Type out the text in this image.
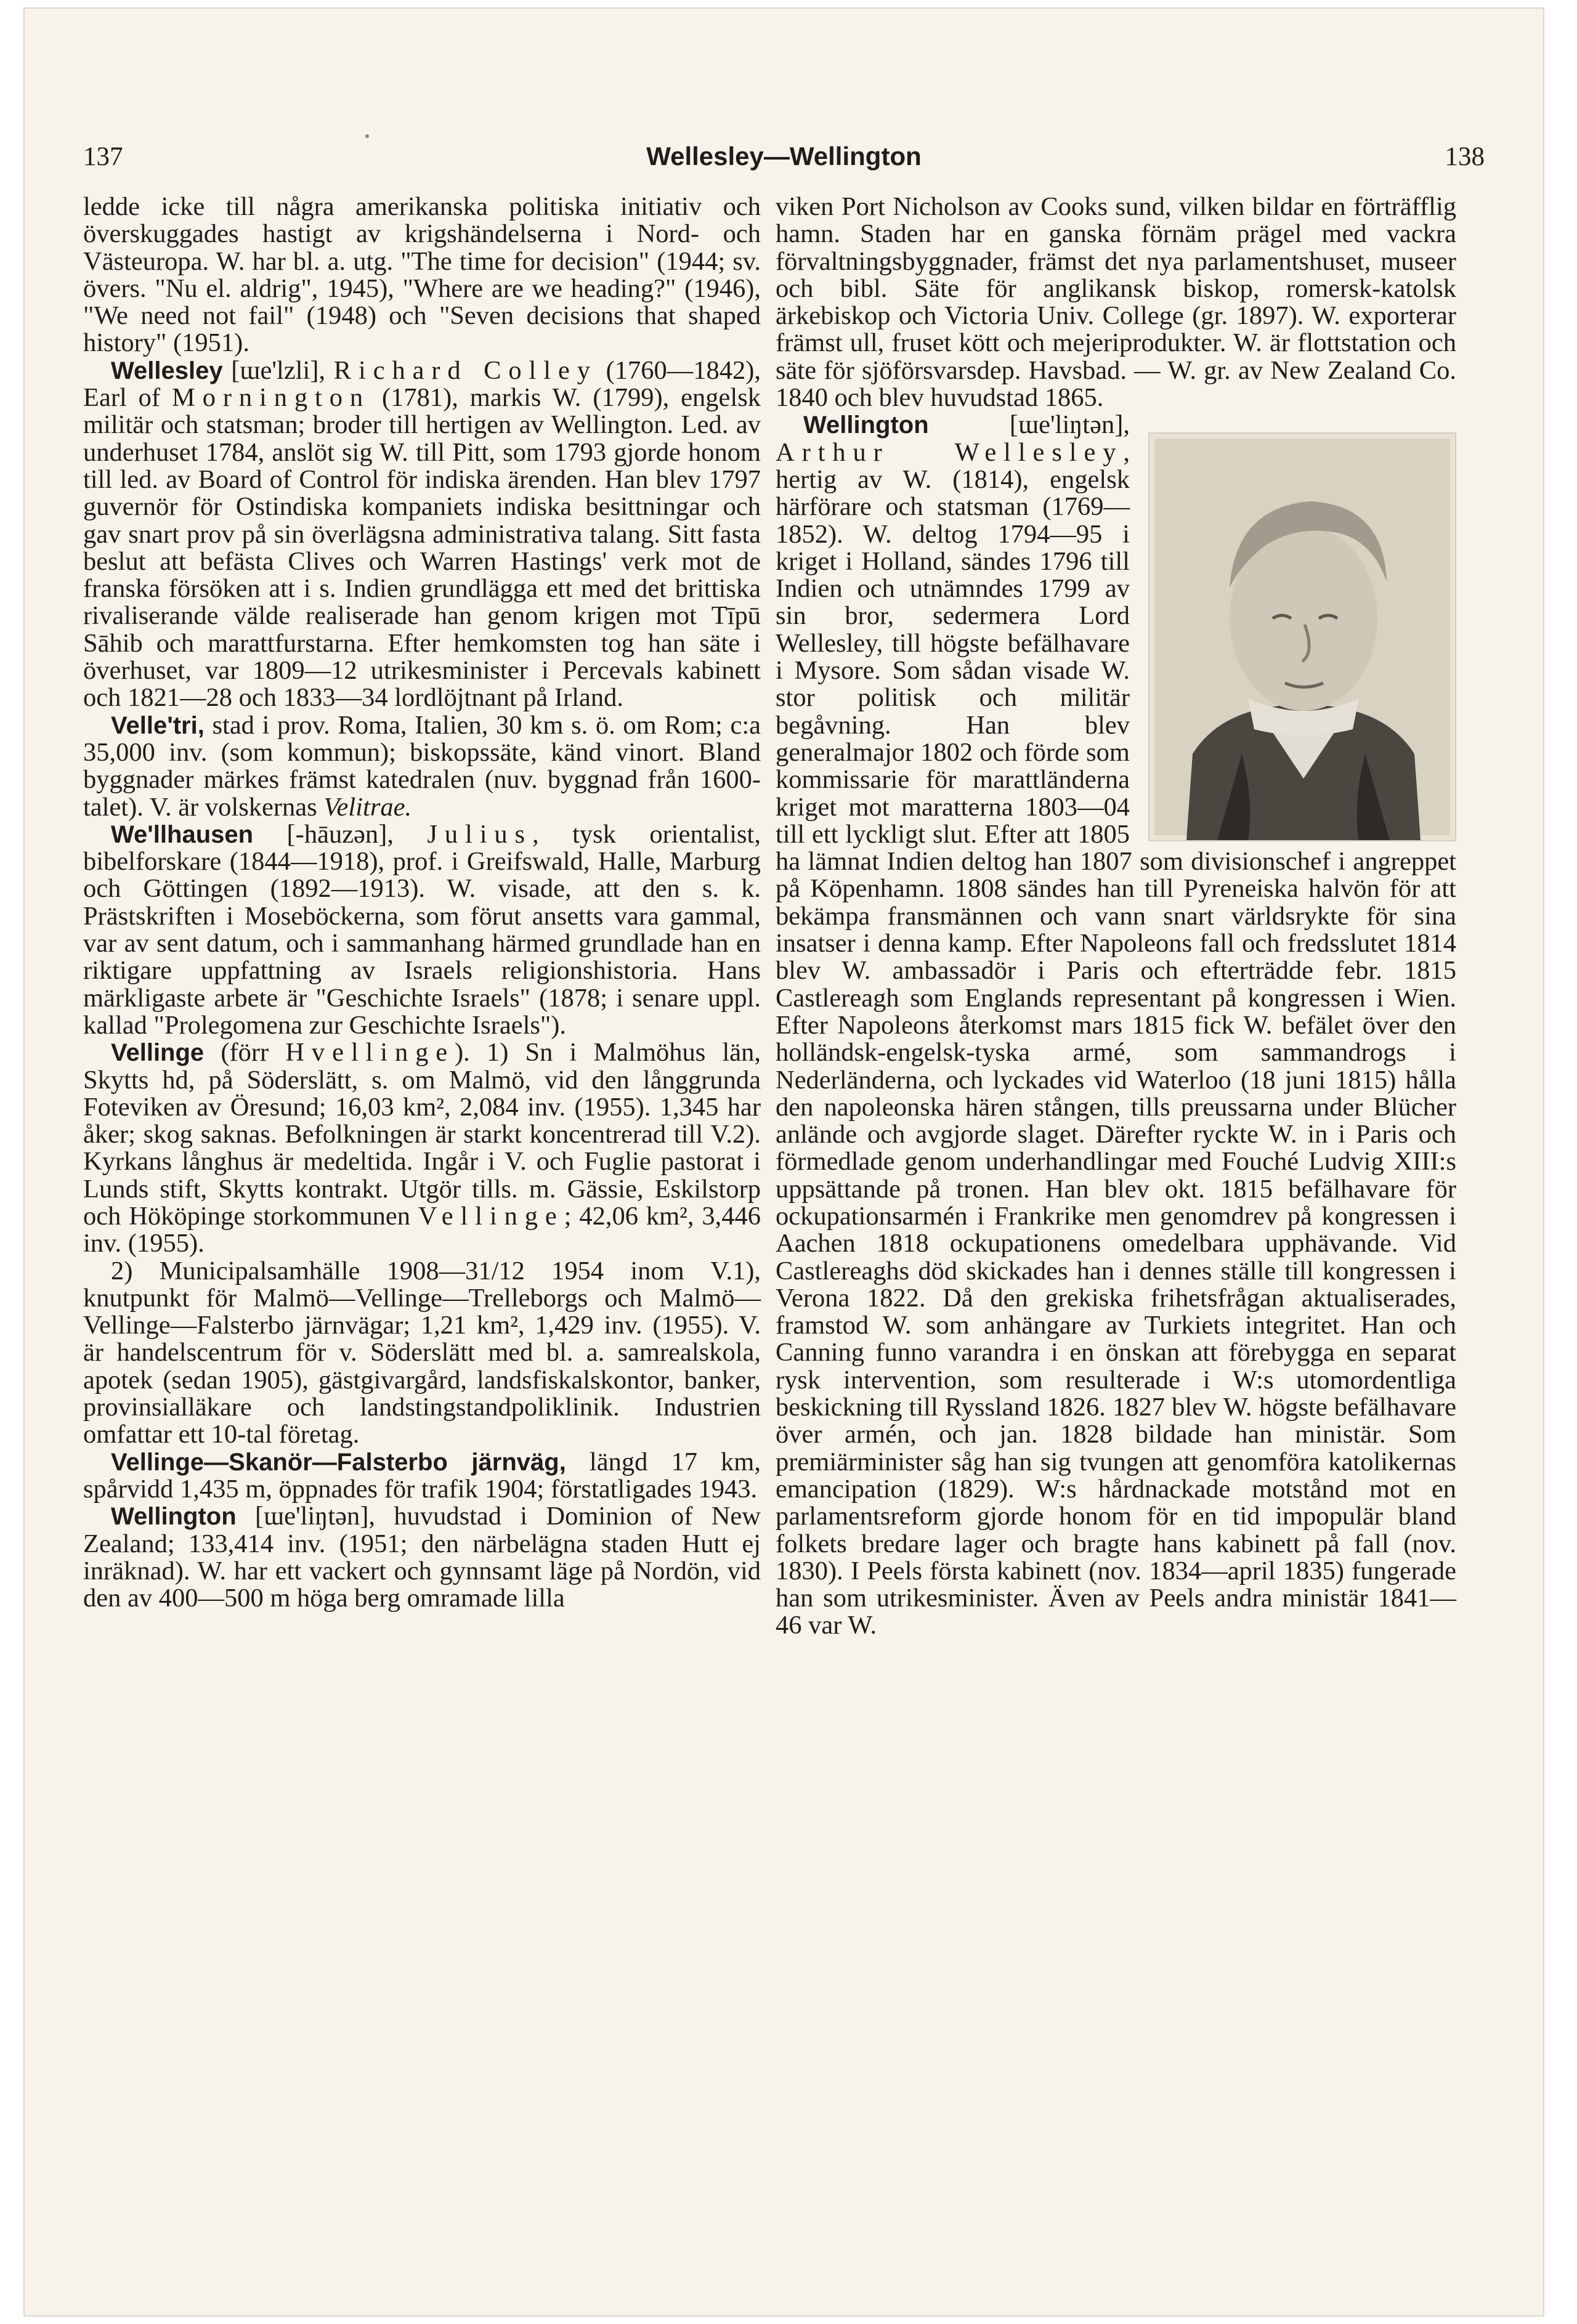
137	Wellesley—Wellington	138

ledde icke till några amerikanska politiska initiativ och överskuggades hastigt av krigshändelserna i Nord- och Västeuropa. W. har bl. a. utg. "The time for decision" (1944; sv. övers. "Nu el. aldrig", 1945), "Where are we heading?" (1946), "We need not fail" (1948) och "Seven decisions that shaped history" (1951).

Wellesley [ɯe'lzli], Richard Colley (1760—1842), Earl of Mornington (1781), markis W. (1799), engelsk militär och statsman; broder till hertigen av Wellington. Led. av underhuset 1784, anslöt sig W. till Pitt, som 1793 gjorde honom till led. av Board of Control för indiska ärenden. Han blev 1797 guvernör för Ostindiska kompaniets indiska besittningar och gav snart prov på sin överlägsna administrativa talang. Sitt fasta beslut att befästa Clives och Warren Hastings' verk mot de franska försöken att i s. Indien grundlägga ett med det brittiska rivaliserande välde realiserade han genom krigen mot Tīpū Sāhib och marattfurstarna. Efter hemkomsten tog han säte i överhuset, var 1809—12 utrikesminister i Percevals kabinett och 1821—28 och 1833—34 lordlöjtnant på Irland.

Velle'tri, stad i prov. Roma, Italien, 30 km s. ö. om Rom; c:a 35,000 inv. (som kommun); biskopssäte, känd vinort. Bland byggnader märkes främst katedralen (nuv. byggnad från 1600-talet). V. är volskernas Velitrae.

We'llhausen [-hāuzən], Julius, tysk orientalist, bibelforskare (1844—1918), prof. i Greifswald, Halle, Marburg och Göttingen (1892—1913). W. visade, att den s. k. Prästskriften i Moseböckerna, som förut ansetts vara gammal, var av sent datum, och i sammanhang härmed grundlade han en riktigare uppfattning av Israels religionshistoria. Hans märkligaste arbete är "Geschichte Israels" (1878; i senare uppl. kallad "Prolegomena zur Geschichte Israels").

Vellinge (förr Hvellinge). 1) Sn i Malmöhus län, Skytts hd, på Söderslätt, s. om Malmö, vid den långgrunda Foteviken av Öresund; 16,03 km², 2,084 inv. (1955). 1,345 har åker; skog saknas. Befolkningen är starkt koncentrerad till V.2). Kyrkans långhus är medeltida. Ingår i V. och Fuglie pastorat i Lunds stift, Skytts kontrakt. Utgör tills. m. Gässie, Eskilstorp och Hököpinge storkommunen Vellinge; 42,06 km², 3,446 inv. (1955).

2) Municipalsamhälle 1908—31/12 1954 inom V.1), knutpunkt för Malmö—Vellinge—Trelleborgs och Malmö—Vellinge—Falsterbo järnvägar; 1,21 km², 1,429 inv. (1955). V. är handelscentrum för v. Söderslätt med bl. a. samrealskola, apotek (sedan 1905), gästgivargård, landsfiskalskontor, banker, provinsialläkare och landstingstandpoliklinik. Industrien omfattar ett 10-tal företag.

Vellinge—Skanör—Falsterbo järnväg, längd 17 km, spårvidd 1,435 m, öppnades för trafik 1904; förstatligades 1943.

Wellington [ɯe'liŋtən], huvudstad i Dominion of New Zealand; 133,414 inv. (1951; den närbelägna staden Hutt ej inräknad). W. har ett vackert och gynnsamt läge på Nordön, vid den av 400—500 m höga berg omramade lilla

viken Port Nicholson av Cooks sund, vilken bildar en förträfflig hamn. Staden har en ganska förnäm prägel med vackra förvaltningsbyggnader, främst det nya parlamentshuset, museer och bibl. Säte för anglikansk biskop, romersk-katolsk ärkebiskop och Victoria Univ. College (gr. 1897). W. exporterar främst ull, fruset kött och mejeriprodukter. W. är flottstation och säte för sjöförsvarsdep. Havsbad. — W. gr. av New Zealand Co. 1840 och blev huvudstad 1865.

Wellington [ɯe'liŋtən], Arthur Wellesley, hertig av W. (1814), engelsk härförare och statsman (1769—1852). W. deltog 1794—95 i kriget i Holland, sändes 1796 till Indien och utnämndes 1799 av sin bror, sedermera Lord Wellesley, till högste befälhavare i Mysore. Som sådan visade W. stor politisk och militär begåvning. Han blev generalmajor 1802 och förde som kommissarie för marattländerna kriget mot maratterna 1803—04 till ett lyckligt slut. Efter att 1805 ha lämnat Indien deltog han 1807 som divisionschef i angreppet på Köpenhamn. 1808 sändes han till Pyreneiska halvön för att bekämpa fransmännen och vann snart världsrykte för sina insatser i denna kamp. Efter Napoleons fall och fredsslutet 1814 blev W. ambassadör i Paris och efterträdde febr. 1815 Castlereagh som Englands representant på kongressen i Wien. Efter Napoleons återkomst mars 1815 fick W. befälet över den holländsk-engelsk-tyska armé, som sammandrogs i Nederländerna, och lyckades vid Waterloo (18 juni 1815) hålla den napoleonska hären stången, tills preussarna under Blücher anlände och avgjorde slaget. Därefter ryckte W. in i Paris och förmedlade genom underhandlingar med Fouché Ludvig XIII:s uppsättande på tronen. Han blev okt. 1815 befälhavare för ockupationsarmén i Frankrike men genomdrev på kongressen i Aachen 1818 ockupationens omedelbara upphävande. Vid Castlereaghs död skickades han i dennes ställe till kongressen i Verona 1822. Då den grekiska frihetsfrågan aktualiserades, framstod W. som anhängare av Turkiets integritet. Han och Canning funno varandra i en önskan att förebygga en separat rysk intervention, som resulterade i W:s utomordentliga beskickning till Ryssland 1826. 1827 blev W. högste befälhavare över armén, och jan. 1828 bildade han ministär. Som premiärminister såg han sig tvungen att genomföra katolikernas emancipation (1829). W:s hårdnackade motstånd mot en parlamentsreform gjorde honom för en tid impopulär bland folkets bredare lager och bragte hans kabinett på fall (nov. 1830). I Peels första kabinett (nov. 1834—april 1835) fungerade han som utrikesminister. Även av Peels andra ministär 1841—46 var W.
